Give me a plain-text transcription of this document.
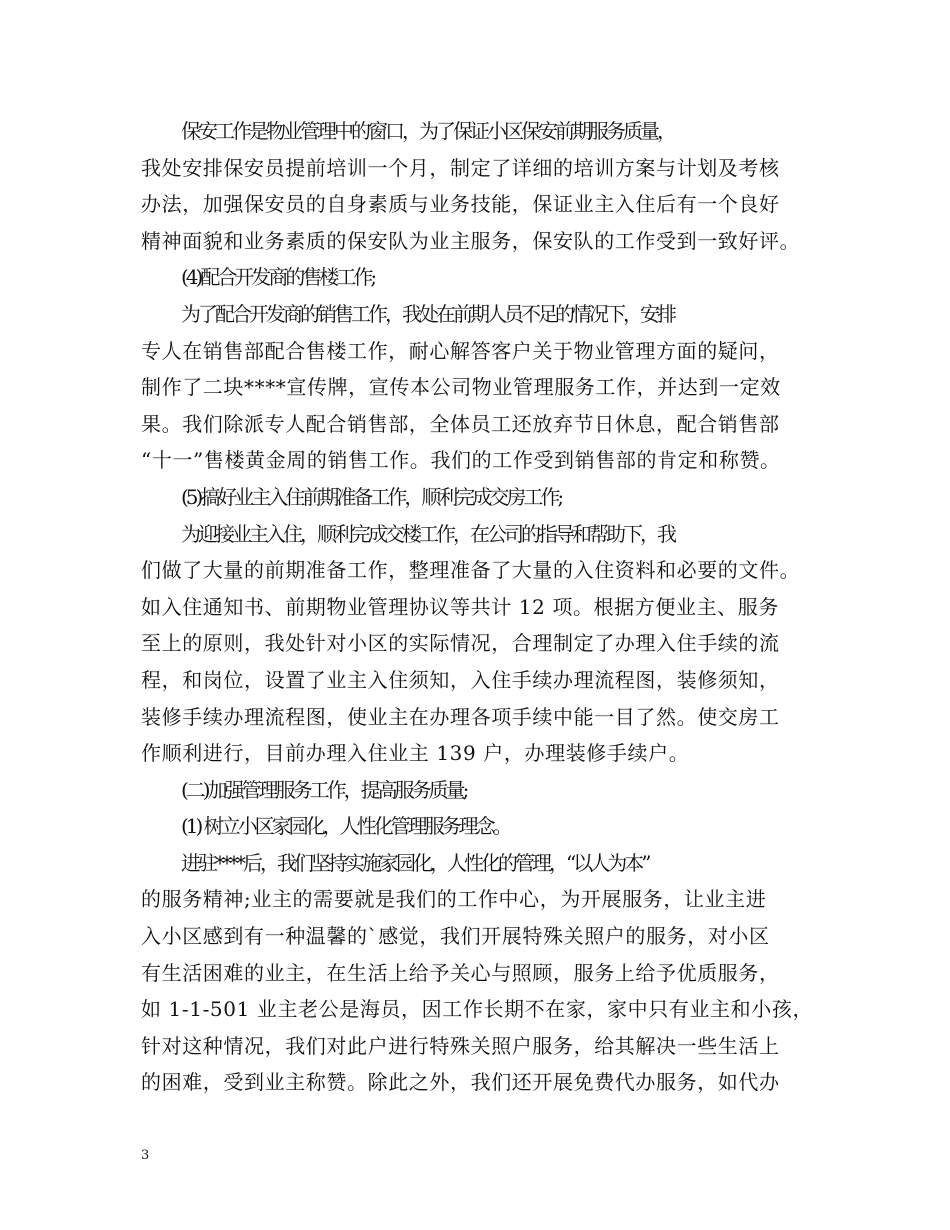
保安工作是物业管理中的窗口，为了保证小区保安前期服务质量，
我处安排保安员提前培训一个月，制定了详细的培训方案与计划及考核
办法，加强保安员的自身素质与业务技能，保证业主入住后有一个良好
精神面貌和业务素质的保安队为业主服务，保安队的工作受到一致好评。
(4)配合开发商的售楼工作;
为了配合开发商的销售工作，我处在前期人员不足的情况下，安排
专人在销售部配合售楼工作，耐心解答客户关于物业管理方面的疑问，
制作了二块****宣传牌，宣传本公司物业管理服务工作，并达到一定效
果。我们除派专人配合销售部，全体员工还放弃节日休息，配合销售部
“十一”售楼黄金周的销售工作。我们的工作受到销售部的肯定和称赞。
(5)搞好业主入住前期准备工作，顺利完成交房工作;
为迎接业主入住，顺利完成交楼工作，在公司的指导和帮助下，我
们做了大量的前期准备工作，整理准备了大量的入住资料和必要的文件。
如入住通知书、前期物业管理协议等共计 12 项。根据方便业主、服务
至上的原则，我处针对小区的实际情况，合理制定了办理入住手续的流
程，和岗位，设置了业主入住须知，入住手续办理流程图，装修须知，
装修手续办理流程图，使业主在办理各项手续中能一目了然。使交房工
作顺利进行，目前办理入住业主 139 户，办理装修手续户。
(二)加强管理服务工作，提高服务质量;
(1) 树立小区家园化，人性化管理服务理念。
进驻****后，我们坚持实施家园化，人性化的管理，“以人为本”
的服务精神;业主的需要就是我们的工作中心，为开展服务，让业主进
入小区感到有一种温馨的`感觉，我们开展特殊关照户的服务，对小区
有生活困难的业主，在生活上给予关心与照顾，服务上给予优质服务，
如 1-1-501 业主老公是海员，因工作长期不在家，家中只有业主和小孩，
针对这种情况，我们对此户进行特殊关照户服务，给其解决一些生活上
的困难，受到业主称赞。除此之外，我们还开展免费代办服务，如代办
3
